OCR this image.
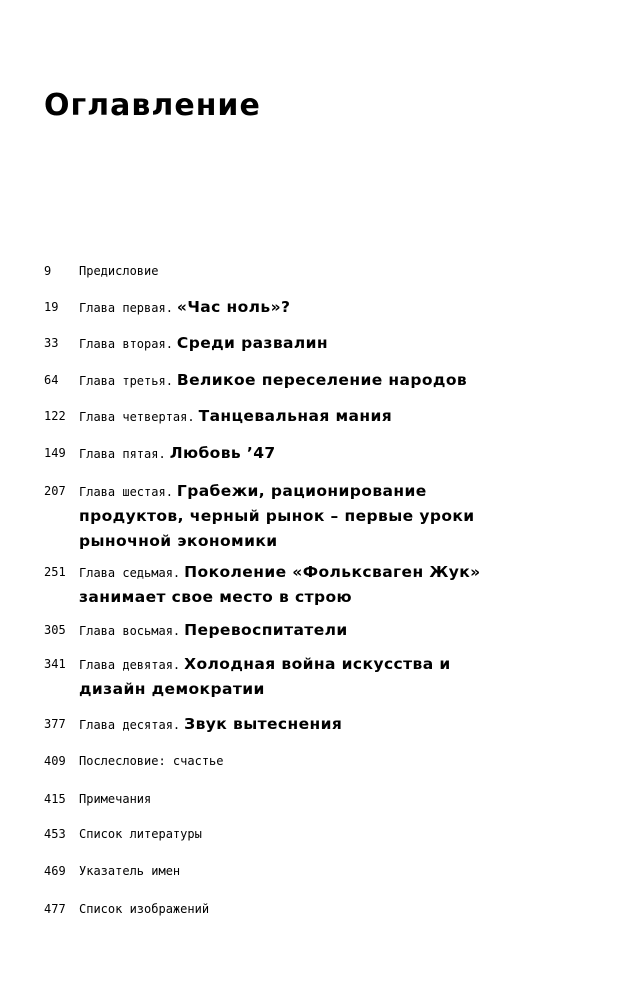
Оглавление
9 Предисловие
19 Глава первая. «Час ноль»?
33 Глава вторая. Среди развалин
64 Глава третья. Великое переселение народов
122 Глава четвертая. Танцевальная мания
149 Глава пятая. Любовь ’47
207 Глава шестая. Грабежи, рационирование продуктов, черный рынок – первые уроки рыночной экономики
251 Глава седьмая. Поколение «Фольксваген Жук» занимает свое место в строю
305 Глава восьмая. Перевоспитатели
341 Глава девятая. Холодная война искусства и дизайн демократии
377 Глава десятая. Звук вытеснения
409 Послесловие: счастье
415 Примечания
453 Список литературы
469 Указатель имен
477 Список изображений
